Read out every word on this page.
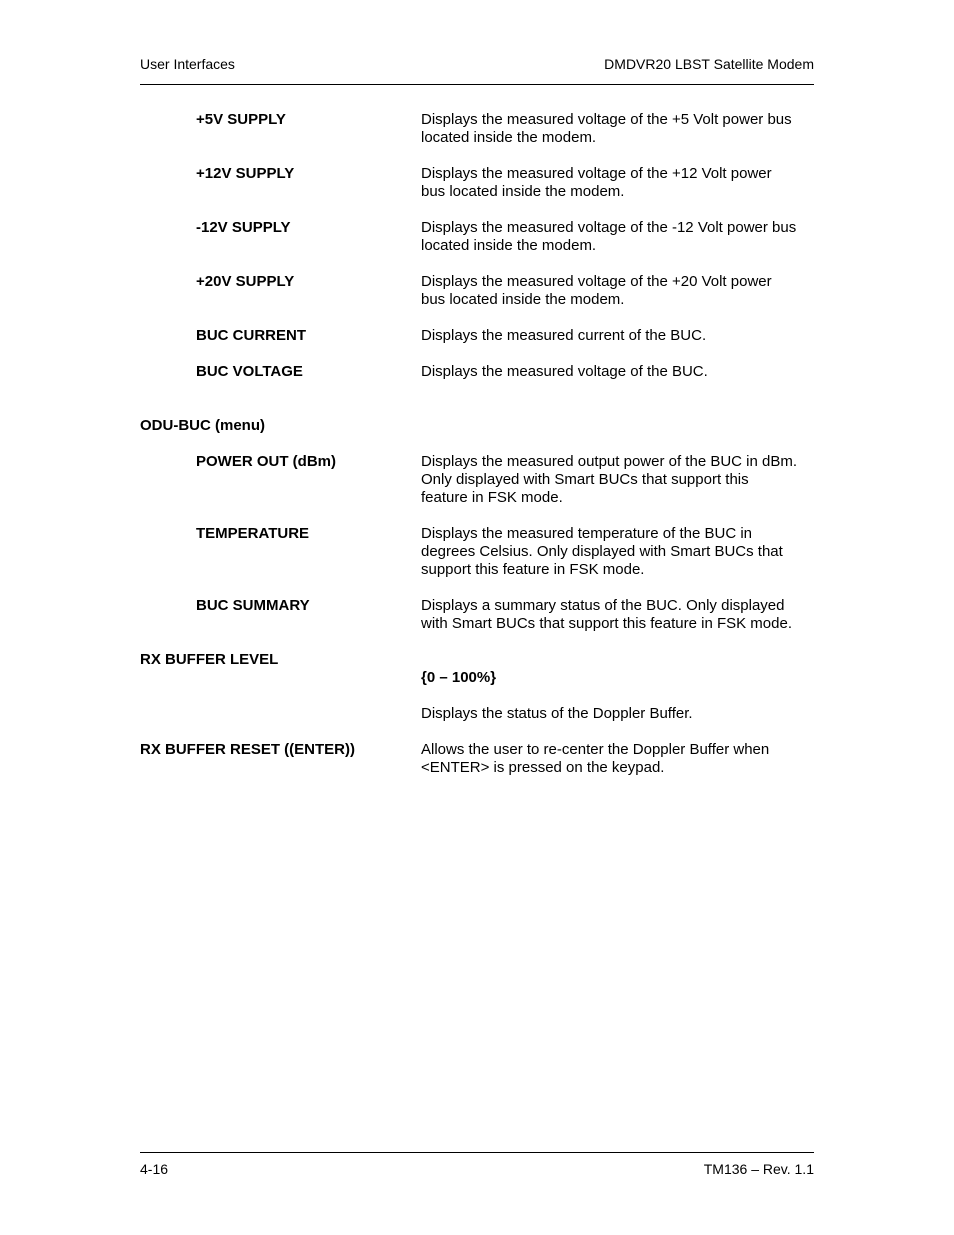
User Interfaces	DMDVR20 LBST Satellite Modem
+5V SUPPLY	Displays the measured voltage of the +5 Volt power bus
located inside the modem.
+12V SUPPLY	Displays the measured voltage of the +12 Volt power
bus located inside the modem.
-12V SUPPLY	Displays the measured voltage of the -12 Volt power bus
located inside the modem.
+20V SUPPLY	Displays the measured voltage of the +20 Volt power
bus located inside the modem.
BUC CURRENT	Displays the measured current of the BUC.
BUC VOLTAGE	Displays the measured voltage of the BUC.
ODU-BUC (menu)
POWER OUT (dBm)	Displays the measured output power of the BUC in dBm.
Only displayed with Smart BUCs that support this
feature in FSK mode.
TEMPERATURE	Displays the measured temperature of the BUC in
degrees Celsius. Only displayed with Smart BUCs that
support this feature in FSK mode.
BUC SUMMARY	Displays a summary status of the BUC. Only displayed
with Smart BUCs that support this feature in FSK mode.
RX BUFFER LEVEL

{0 – 100%}

Displays the status of the Doppler Buffer.

RX BUFFER RESET ((ENTER))	Allows the user to re-center the Doppler Buffer when
<ENTER> is pressed on the keypad.
4-16	TM136 – Rev. 1.1
